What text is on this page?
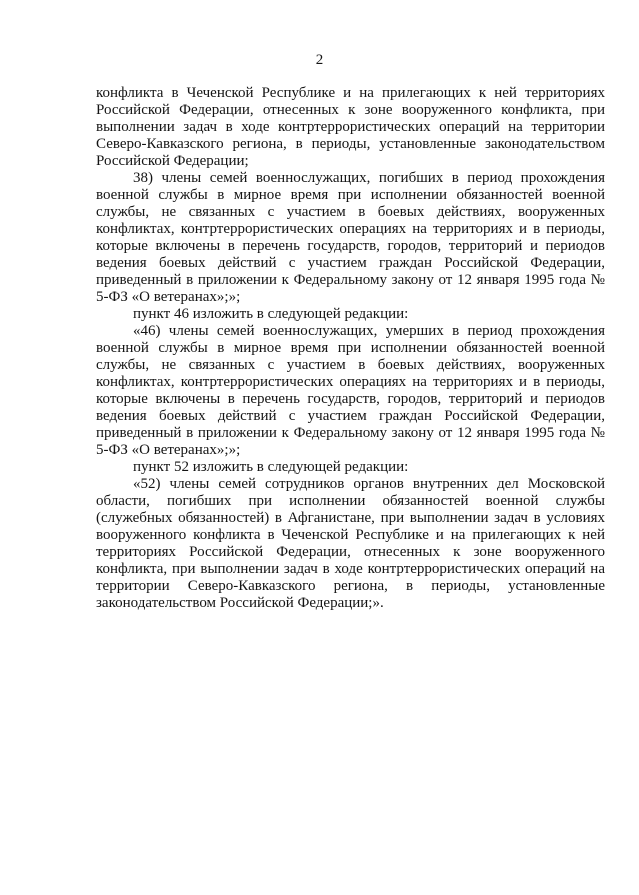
2

конфликта в Чеченской Республике и на прилегающих к ней территориях Российской Федерации, отнесенных к зоне вооруженного конфликта, при выполнении задач в ходе контртеррористических операций на территории Северо-Кавказского региона, в периоды, установленные законодательством Российской Федерации;

38) члены семей военнослужащих, погибших в период прохождения военной службы в мирное время при исполнении обязанностей военной службы, не связанных с участием в боевых действиях, вооруженных конфликтах, контртеррористических операциях на территориях и в периоды, которые включены в перечень государств, городов, территорий и периодов ведения боевых действий с участием граждан Российской Федерации, приведенный в приложении к Федеральному закону от 12 января 1995 года № 5-ФЗ «О ветеранах»;»;

пункт 46 изложить в следующей редакции:

«46) члены семей военнослужащих, умерших в период прохождения военной службы в мирное время при исполнении обязанностей военной службы, не связанных с участием в боевых действиях, вооруженных конфликтах, контртеррористических операциях на территориях и в периоды, которые включены в перечень государств, городов, территорий и периодов ведения боевых действий с участием граждан Российской Федерации, приведенный в приложении к Федеральному закону от 12 января 1995 года № 5-ФЗ «О ветеранах»;»;

пункт 52 изложить в следующей редакции:

«52) члены семей сотрудников органов внутренних дел Московской области, погибших при исполнении обязанностей военной службы (служебных обязанностей) в Афганистане, при выполнении задач в условиях вооруженного конфликта в Чеченской Республике и на прилегающих к ней территориях Российской Федерации, отнесенных к зоне вооруженного конфликта, при выполнении задач в ходе контртеррористических операций на территории Северо-Кавказского региона, в периоды, установленные законодательством Российской Федерации;».
